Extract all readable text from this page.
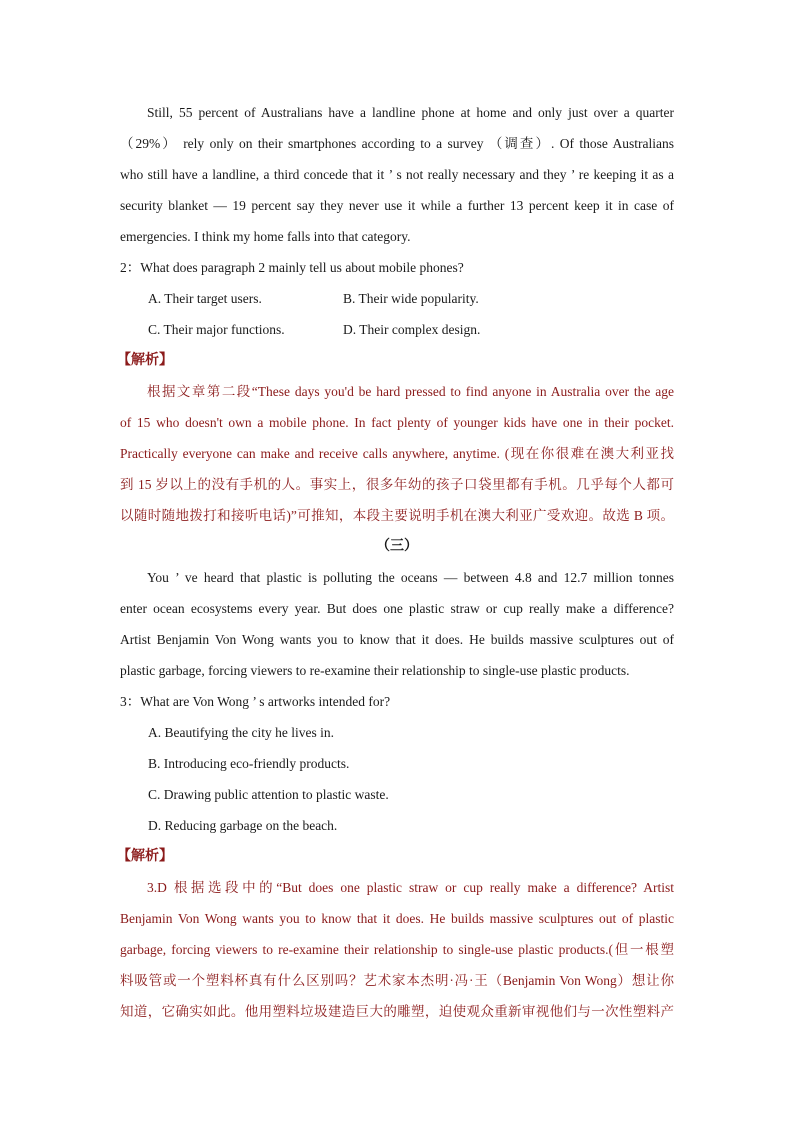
Still, 55 percent of Australians have a landline phone at home and only just over a quarter
（29%） rely only on their smartphones according to a survey （调查）. Of those Australians
who still have a landline, a third concede that it ’ s not really necessary and they ’ re keeping it as a
security blanket — 19 percent say they never use it while a further 13 percent keep it in case of
emergencies. I think my home falls into that category.
2：What does paragraph 2 mainly tell us about mobile phones?
A. Their target users.	B. Their wide popularity.
C. Their major functions.	D. Their complex design.
【解析】
根据文章第二段“These days you'd be hard pressed to find anyone in Australia over the age
of 15 who doesn't own a mobile phone. In fact plenty of younger kids have one in their pocket.
Practically everyone can make and receive calls anywhere, anytime. (现在你很难在澳大利亚找
到 15 岁以上的没有手机的人。事实上，很多年幼的孩子口袋里都有手机。几乎每个人都可
以随时随地拨打和接听电话)”可推知，本段主要说明手机在澳大利亚广受欢迎。故选 B 项。
（三）
You ’ ve heard that plastic is polluting the oceans — between 4.8 and 12.7 million tonnes
enter ocean ecosystems every year. But does one plastic straw or cup really make a difference?
Artist Benjamin Von Wong wants you to know that it does. He builds massive sculptures out of
plastic garbage, forcing viewers to re-examine their relationship to single-use plastic products.
3：What are Von Wong ’ s artworks intended for?
A. Beautifying the city he lives in.
B. Introducing eco-friendly products.
C. Drawing public attention to plastic waste.
D. Reducing garbage on the beach.
【解析】
3.D 根据选段中的“But does one plastic straw or cup really make a difference? Artist
Benjamin Von Wong wants you to know that it does. He builds massive sculptures out of plastic
garbage, forcing viewers to re-examine their relationship to single-use plastic products.(但一根塑
料吸管或一个塑料杯真有什么区别吗？艺术家本杰明·冯·王（Benjamin Von Wong）想让你
知道，它确实如此。他用塑料垃圾建造巨大的雕塑，迫使观众重新审视他们与一次性塑料产
